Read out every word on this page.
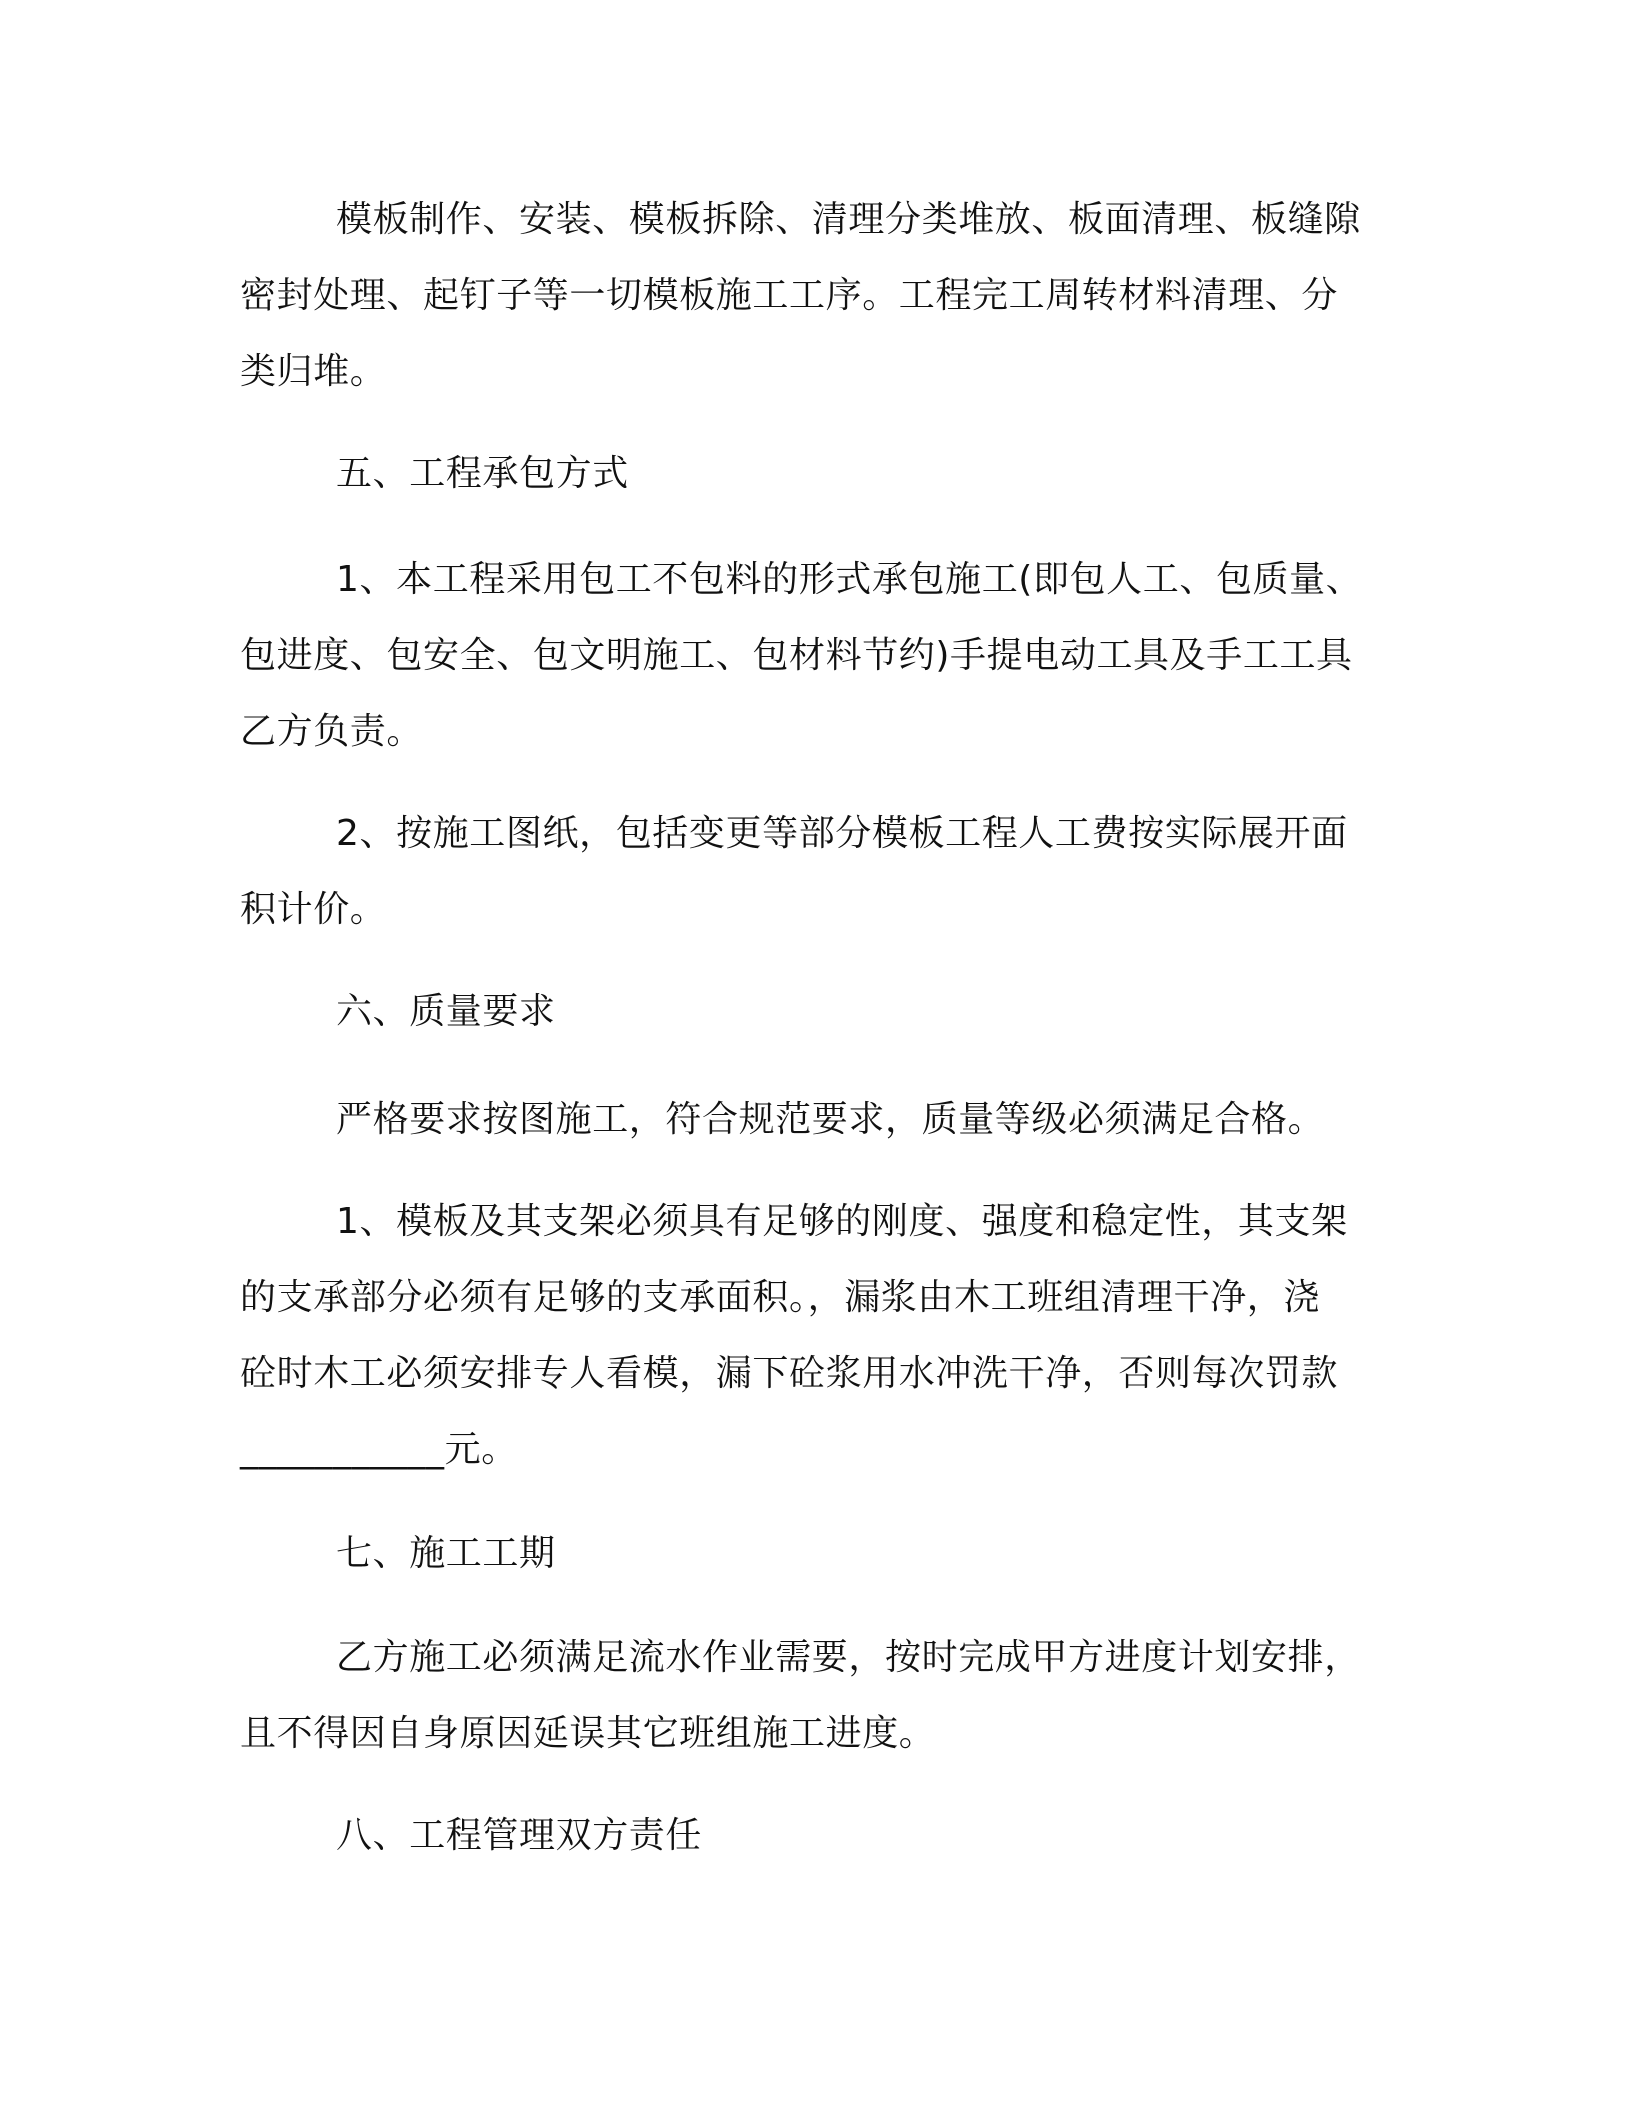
模板制作、安装、模板拆除、清理分类堆放、板面清理、板缝隙
密封处理、起钉子等一切模板施工工序。工程完工周转材料清理、分
类归堆。
五、工程承包方式
1、本工程采用包工不包料的形式承包施工(即包人工、包质量、
包进度、包安全、包文明施工、包材料节约)手提电动工具及手工工具
乙方负责。
2、按施工图纸，包括变更等部分模板工程人工费按实际展开面
积计价。
六、质量要求
严格要求按图施工，符合规范要求，质量等级必须满足合格。
1、模板及其支架必须具有足够的刚度、强度和稳定性，其支架
的支承部分必须有足够的支承面积。，漏浆由木工班组清理干净，浇
砼时木工必须安排专人看模，漏下砼浆用水冲洗干净，否则每次罚款
___________元。
七、施工工期
乙方施工必须满足流水作业需要，按时完成甲方进度计划安排，
且不得因自身原因延误其它班组施工进度。
八、工程管理双方责任
